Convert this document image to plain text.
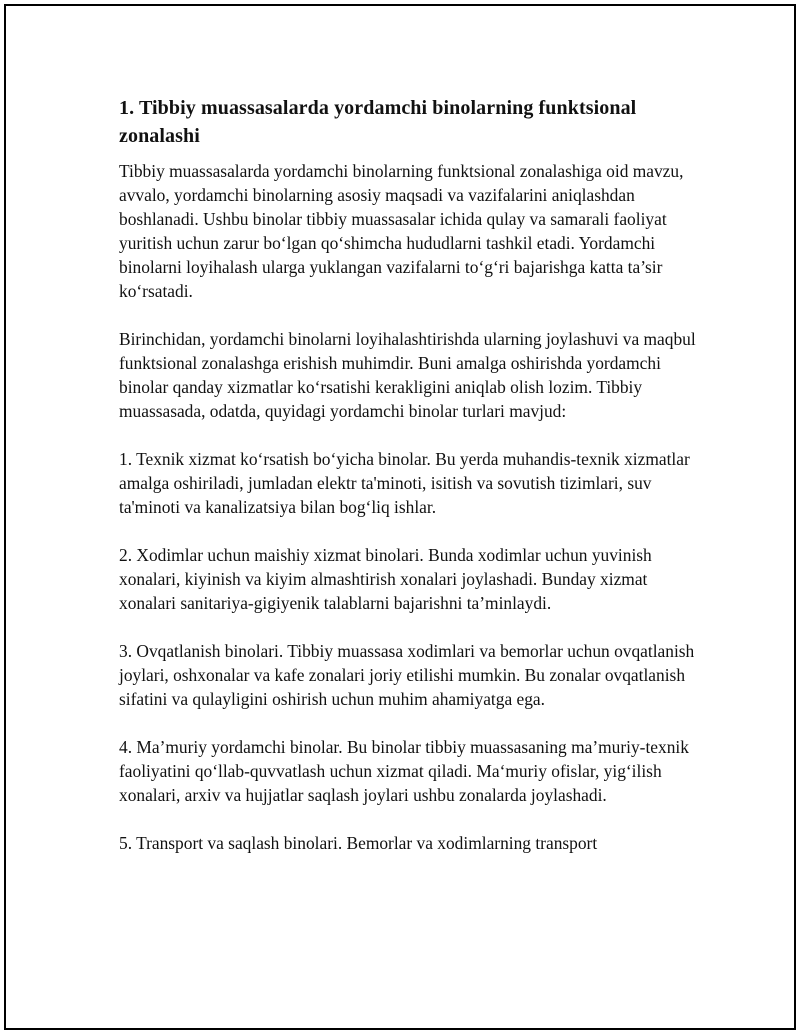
1. Tibbiy muassasalarda yordamchi binolarning funktsional zonalashi

Tibbiy muassasalarda yordamchi binolarning funktsional zonalashiga oid mavzu, avvalo, yordamchi binolarning asosiy maqsadi va vazifalarini aniqlashdan boshlanadi. Ushbu binolar tibbiy muassasalar ichida qulay va samarali faoliyat yuritish uchun zarur bo‘lgan qo‘shimcha hududlarni tashkil etadi. Yordamchi binolarni loyihalash ularga yuklangan vazifalarni to‘g‘ri bajarishga katta ta’sir ko‘rsatadi.

Birinchidan, yordamchi binolarni loyihalashtirishda ularning joylashuvi va maqbul funktsional zonalashga erishish muhimdir. Buni amalga oshirishda yordamchi binolar qanday xizmatlar ko‘rsatishi kerakligini aniqlab olish lozim. Tibbiy muassasada, odatda, quyidagi yordamchi binolar turlari mavjud:

1. Texnik xizmat ko‘rsatish bo‘yicha binolar. Bu yerda muhandis-texnik xizmatlar amalga oshiriladi, jumladan elektr ta'minoti, isitish va sovutish tizimlari, suv ta'minoti va kanalizatsiya bilan bog‘liq ishlar.

2. Xodimlar uchun maishiy xizmat binolari. Bunda xodimlar uchun yuvinish xonalari, kiyinish va kiyim almashtirish xonalari joylashadi. Bunday xizmat xonalari sanitariya-gigiyenik talablarni bajarishni ta’minlaydi.

3. Ovqatlanish binolari. Tibbiy muassasa xodimlari va bemorlar uchun ovqatlanish joylari, oshxonalar va kafe zonalari joriy etilishi mumkin. Bu zonalar ovqatlanish sifatini va qulayligini oshirish uchun muhim ahamiyatga ega.

4. Ma’muriy yordamchi binolar. Bu binolar tibbiy muassasaning ma’muriy-texnik faoliyatini qo‘llab-quvvatlash uchun xizmat qiladi. Ma‘muriy ofislar, yig‘ilish xonalari, arxiv va hujjatlar saqlash joylari ushbu zonalarda joylashadi.

5. Transport va saqlash binolari. Bemorlar va xodimlarning transport
